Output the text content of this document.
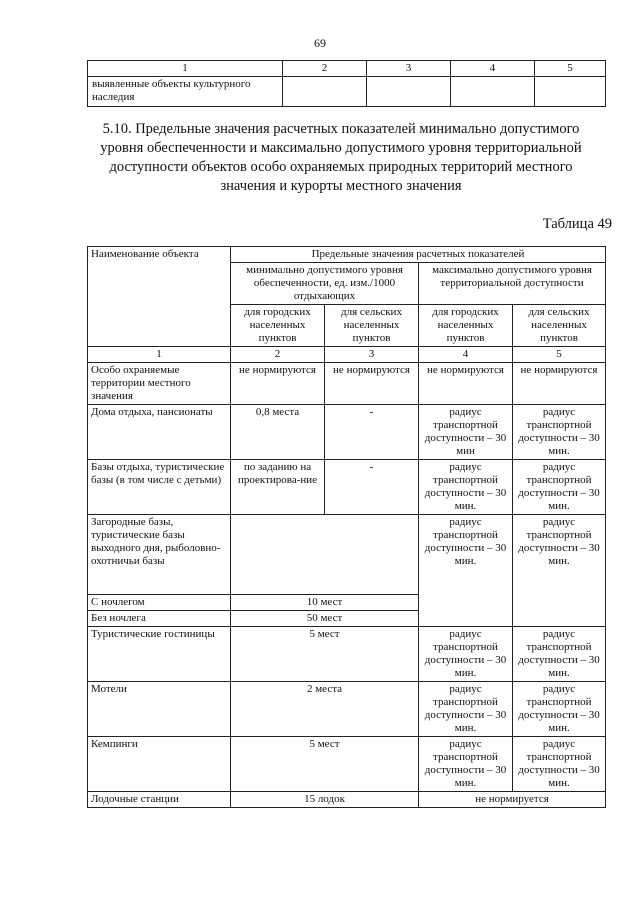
69
1	2	3	4	5
выявленные объекты культурного наследия				
5.10. Предельные значения расчетных показателей минимально допустимого уровня обеспеченности и максимально допустимого уровня территориальной доступности объектов особо охраняемых природных территорий местного значения и курорты местного значения
Таблица 49
Наименование объекта	Предельные значения расчетных показателей			
	минимально допустимого уровня обеспеченности, ед. изм./1000 отдыхающих		максимально допустимого уровня территориальной доступности	
	для городских населенных пунктов	для сельских населенных пунктов	для городских населенных пунктов	для сельских населенных пунктов
1	2	3	4	5
Особо охраняемые территории местного значения	не нормируются	не нормируются	не нормируются	не нормируются
Дома отдыха, пансионаты	0,8 места	-	радиус транспортной доступности – 30 мин	радиус транспортной доступности – 30 мин.
Базы отдыха, туристические базы (в том числе с детьми)	по заданию на проектирова-ние	-	радиус транспортной доступности – 30 мин.	радиус транспортной доступности – 30 мин.
Загородные базы, туристические базы выходного дня, рыболовно-охотничьи базы			радиус транспортной доступности – 30 мин.	радиус транспортной доступности – 30 мин.
С ночлегом	10 мест			
Без ночлега	50 мест			
Туристические гостиницы	5 мест		радиус транспортной доступности – 30 мин.	радиус транспортной доступности – 30 мин.
Мотели	2 места		радиус транспортной доступности – 30 мин.	радиус транспортной доступности – 30 мин.
Кемпинги	5 мест		радиус транспортной доступности – 30 мин.	радиус транспортной доступности – 30 мин.
Лодочные станции	15 лодок		не нормируется	
